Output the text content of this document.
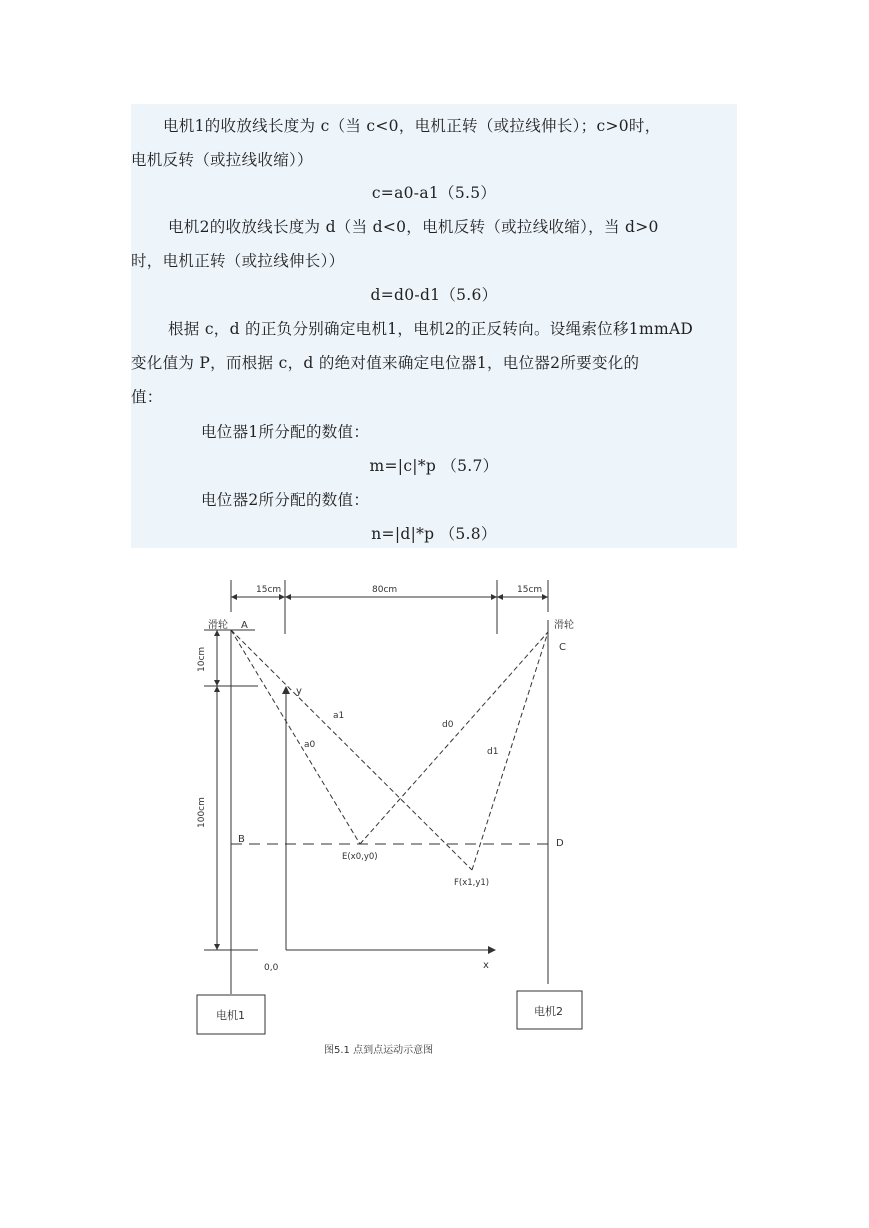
电机1的收放线长度为 c（当 c<0，电机正转（或拉线伸长）；c>0时，
电机反转（或拉线收缩））
c=a0-a1（5.5）
电机2的收放线长度为 d（当 d<0，电机反转（或拉线收缩），当 d>0
时，电机正转（或拉线伸长））
d=d0-d1（5.6）
根据 c，d 的正负分别确定电机1，电机2的正反转向。设绳索位移1mmAD
变化值为 P，而根据 c，d 的绝对值来确定电位器1，电位器2所要变化的
值：
电位器1所分配的数值：
m=|c|*p （5.7）
电位器2所分配的数值：
n=|d|*p （5.8）
15cm	80cm	15cm
10cm
100cm
滑轮 A	滑轮
C
B	D
y
x
0,0
a1
a0
d0
d1
E(x0,y0)
F(x1,y1)
电机1	电机2
图5.1 点到点运动示意图
